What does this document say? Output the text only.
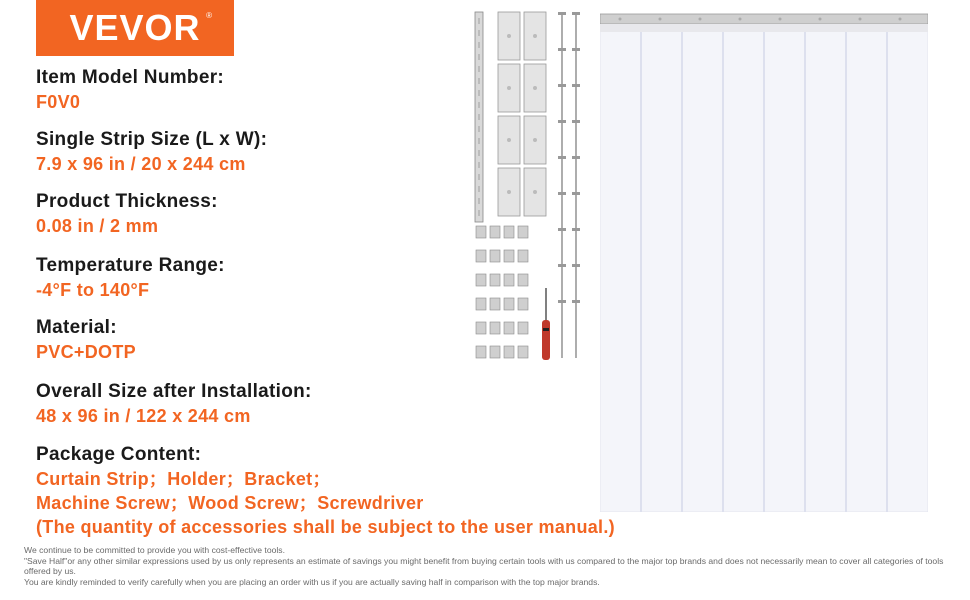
VEVOR ®
Item Model Number:
F0V0
Single Strip Size (L x W):
7.9 x 96 in / 20 x 244 cm
Product Thickness:
0.08 in / 2 mm
Temperature Range:
-4°F to 140°F
Material:
PVC+DOTP
Overall Size after Installation:
48 x 96 in / 122 x 244 cm
Package Content:
Curtain Strip；Holder；Bracket；
Machine Screw；Wood Screw；Screwdriver
(The quantity of accessories shall be subject to the user manual.)
We continue to be committed to provide you with cost-effective tools.
"Save Half"or any other similar expressions used by us only represents an estimate of savings you might benefit from buying certain tools with us compared to the major top brands and does not necessarily mean to cover all categories of tools offered by us.
You are kindly reminded to verify carefully when you are placing an order with us if you are actually saving half in comparison with the top major brands.
